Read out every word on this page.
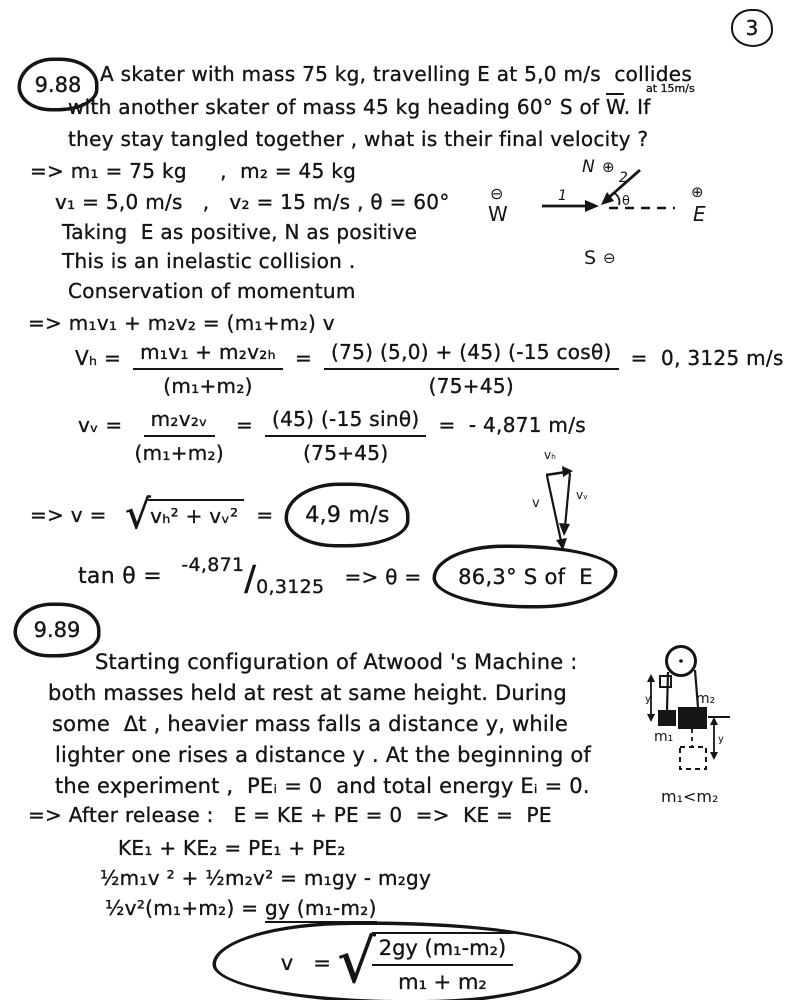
3
9.88 A skater with mass 75 kg, travelling E at 5,0 m/s  collides
with another skater of mass 45 kg heading 60° S of $\overline{W}$. If
at 15m/s
they stay tangled together , what is their final velocity ?
=> m₁ = 75 kg     ,  m₂ = 45 kg
v₁ = 5,0 m/s   ,   v₂ = 15 m/s , θ = 60°
Taking  E as positive, N as positive
This is an inelastic collision .
Conservation of momentum
=> m₁v₁ + m₂v₂ = (m₁+m₂) v
N ⊕
⊖
W
⊕
E
S ⊖
1
2
θ
$V_h = \frac{\text{m₁v₁ + m₂v₂ₕ}}{\text{(m₁+m₂)}} = \frac{(75) (5,0) + (45) (-15 \cos\theta)}{(75+45)} = 0$, 3125 m/s
vᵥ = $\frac{\text{m₂v₂ᵥ}}{\text{(m₁+m₂)}} = \frac{(45) (-15 \sin\theta)}{(75+45)}$ =  - 4,871 m/s
=> v = √ vₕ² + vᵥ² = 4,9 m/s
vₕ
vᵥ
v
tan θ = -4,871 / 0,3125	=> θ = 86,3° S of  E
9.89
Starting configuration of Atwood 's Machine :
both masses held at rest at same height. During
some  Δt , heavier mass falls a distance y, while
lighter one rises a distance y . At the beginning of
the experiment ,  PEᵢ = 0  and total energy Eᵢ = 0.
=> After release :   E = KE + PE = 0  =>  KE =  PE
KE₁ + KE₂ = PE₁ + PE₂
½m₁v ² + ½m₂v² = m₁gy - m₂gy
½v²(m₁+m₂) = gy (m₁-m₂)
v   = √
$\frac{\text{2gy (m₁-m₂)}}{\text{m₁ + m₂}}$
y
m₁
m₂
y
m₁<m₂
